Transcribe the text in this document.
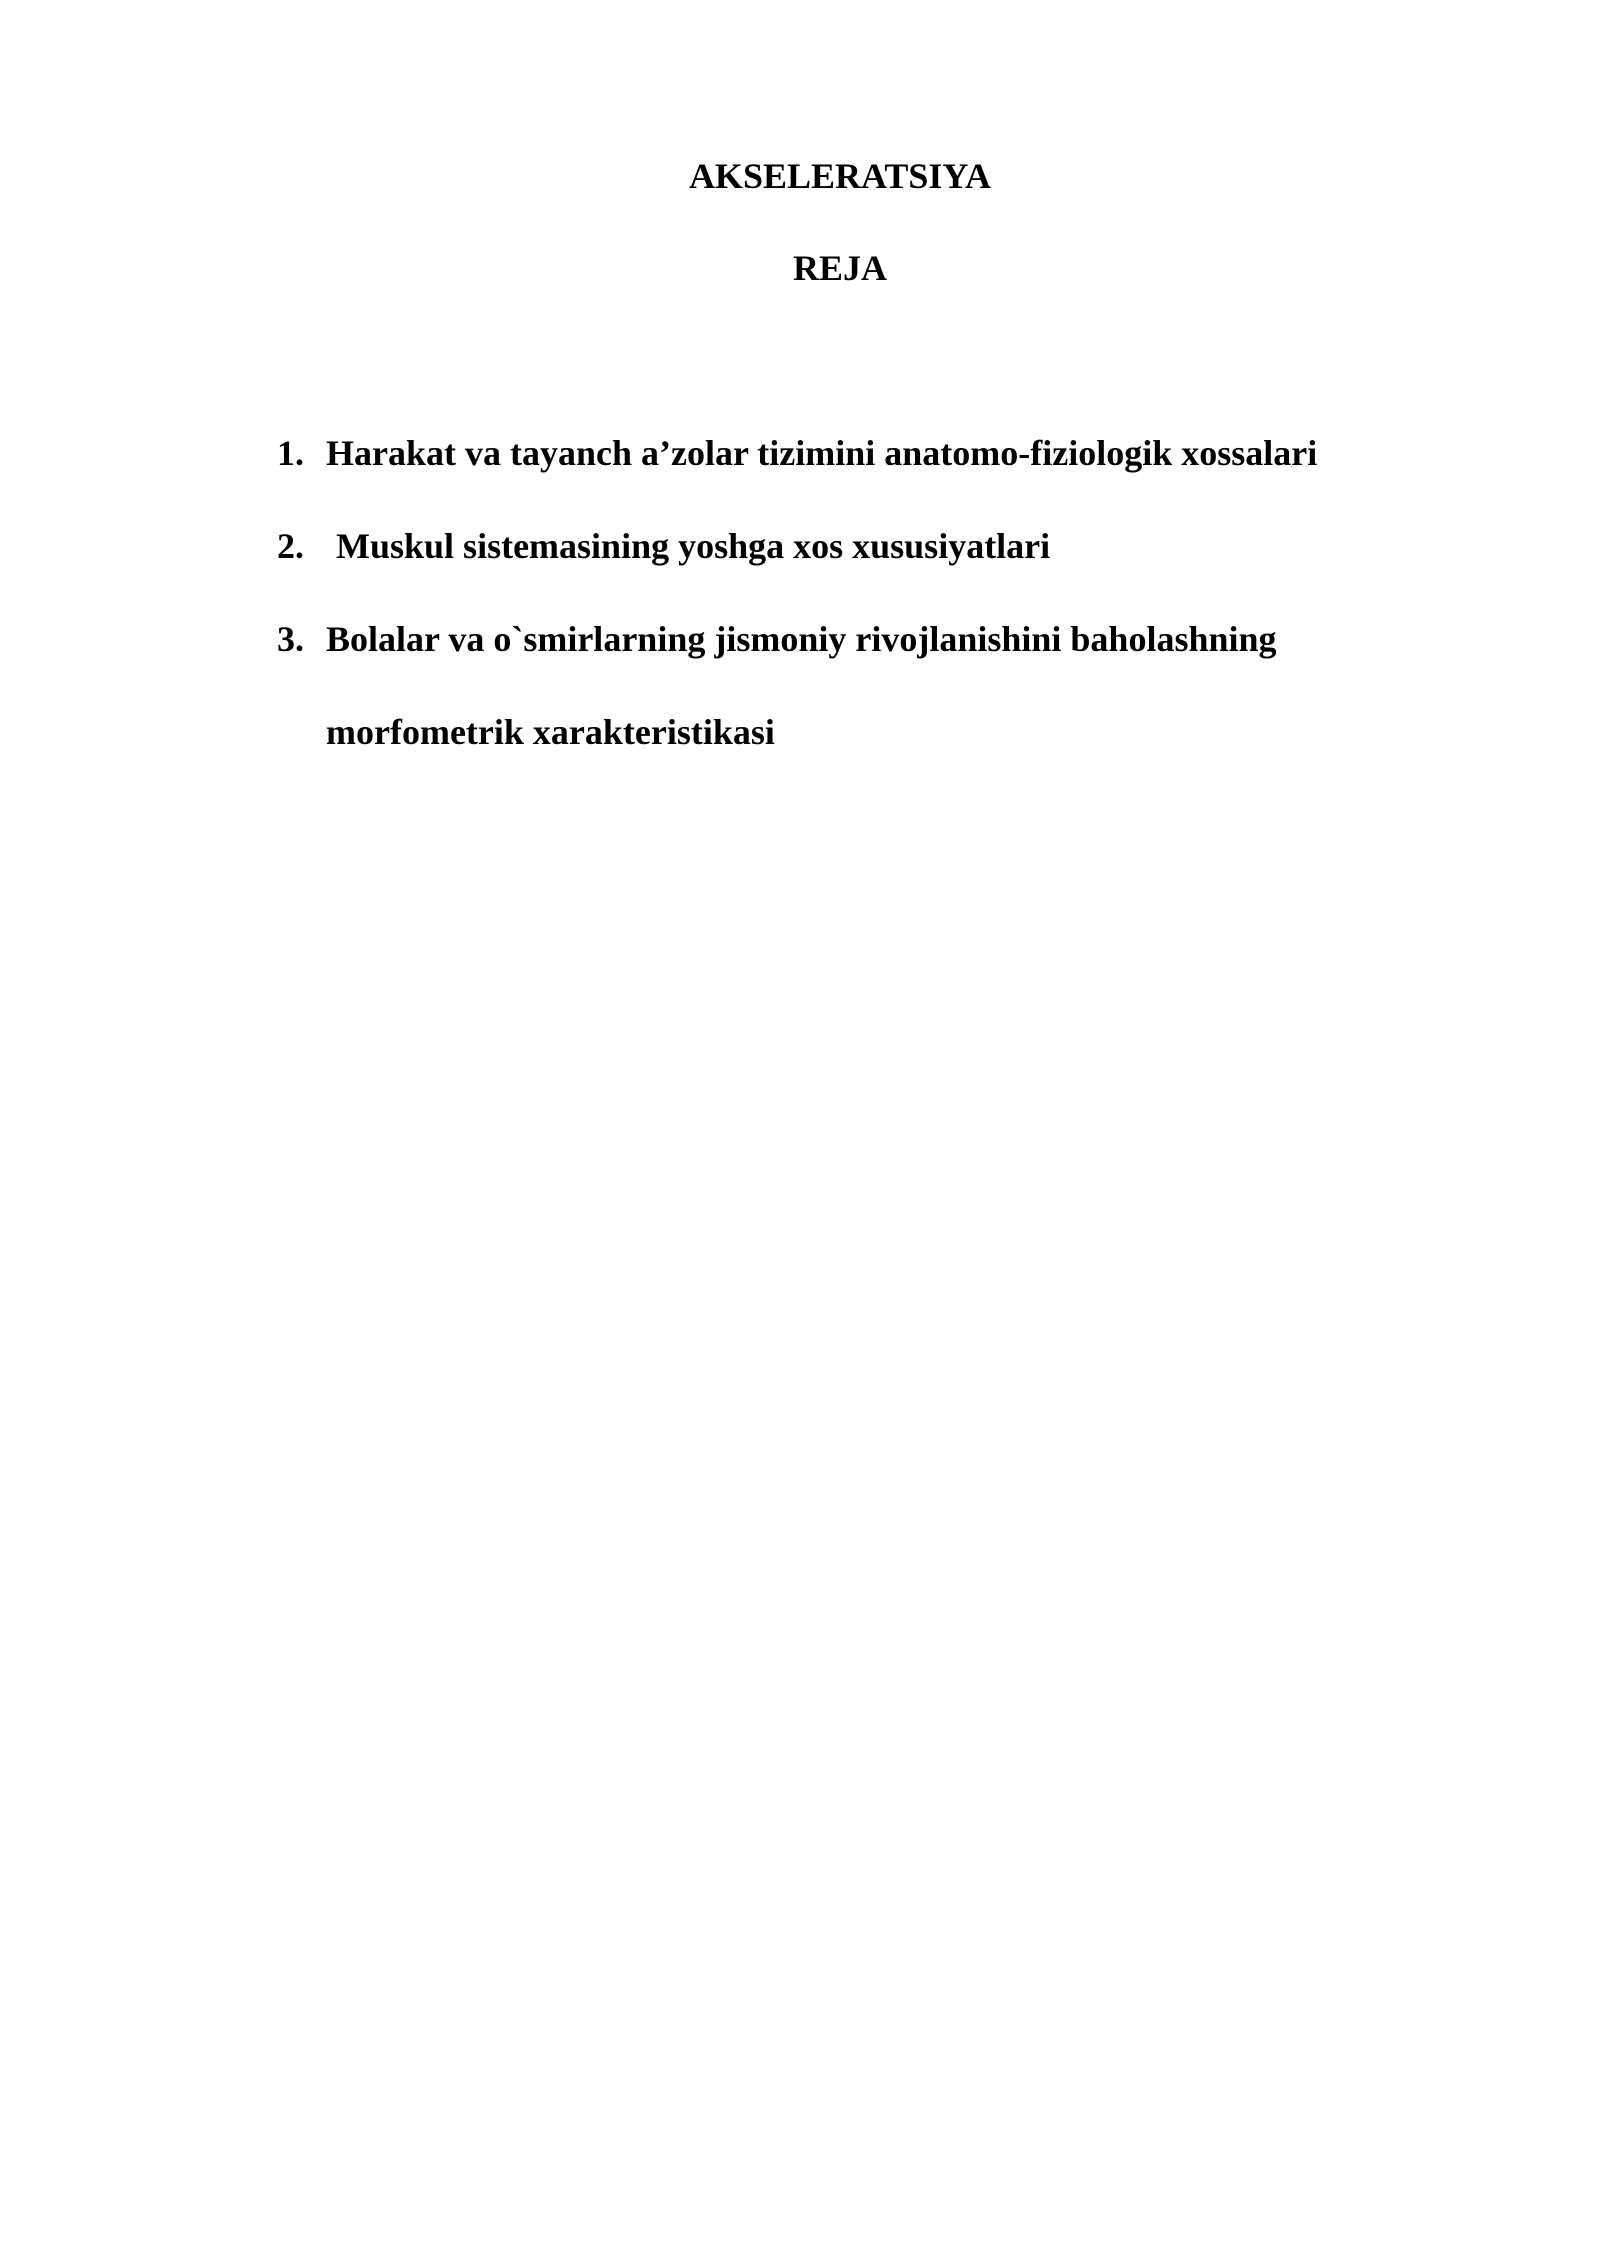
AKSELERATSIYA
REJA
1. Harakat va tayanch a’zolar tizimini anatomo-fiziologik xossalari
2. Muskul sistemasining yoshga xos xususiyatlari
3. Bolalar va o`smirlarning jismoniy rivojlanishini baholashning
morfometrik xarakteristikasi
